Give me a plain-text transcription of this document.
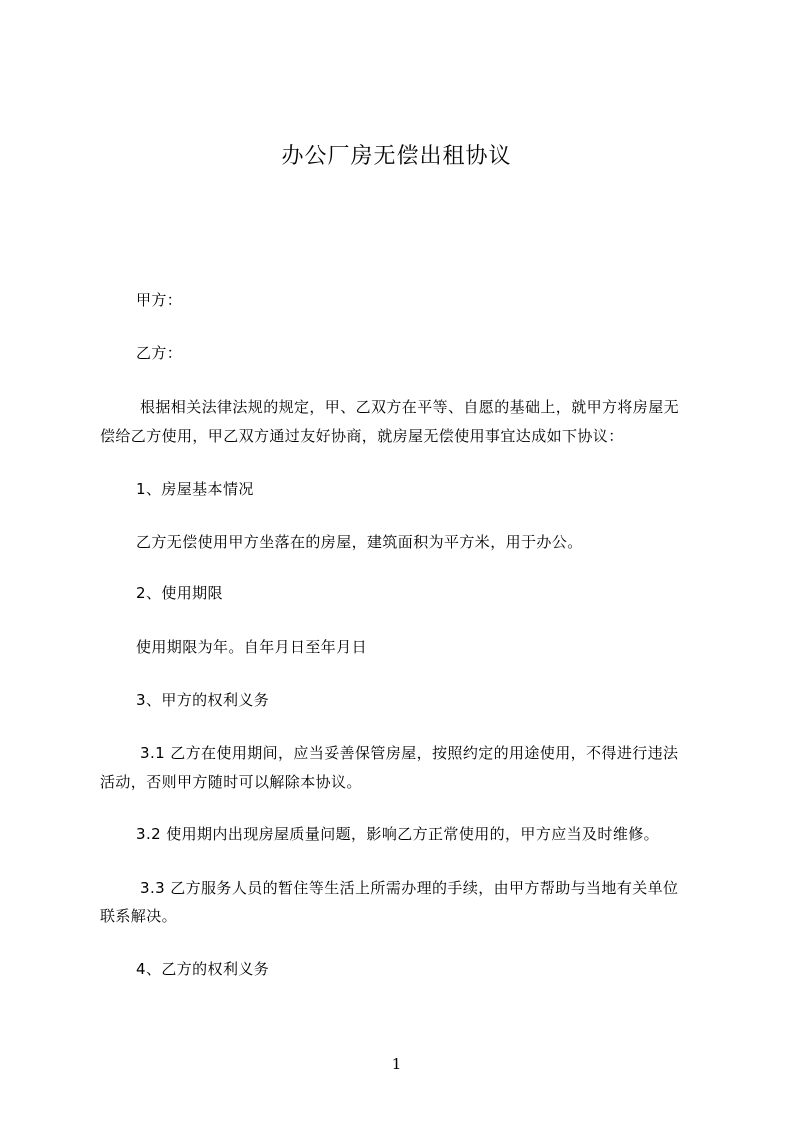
办公厂房无偿出租协议
甲方：
乙方：
根据相关法律法规的规定，甲、乙双方在平等、自愿的基础上，就甲方将房屋无
偿给乙方使用，甲乙双方通过友好协商，就房屋无偿使用事宜达成如下协议：
1、房屋基本情况
乙方无偿使用甲方坐落在的房屋，建筑面积为平方米，用于办公。
2、使用期限
使用期限为年。自年月日至年月日
3、甲方的权利义务
3.1 乙方在使用期间，应当妥善保管房屋，按照约定的用途使用，不得进行违法
活动，否则甲方随时可以解除本协议。
3.2 使用期内出现房屋质量问题，影响乙方正常使用的，甲方应当及时维修。
3.3 乙方服务人员的暂住等生活上所需办理的手续，由甲方帮助与当地有关单位
联系解决。
4、乙方的权利义务
1
